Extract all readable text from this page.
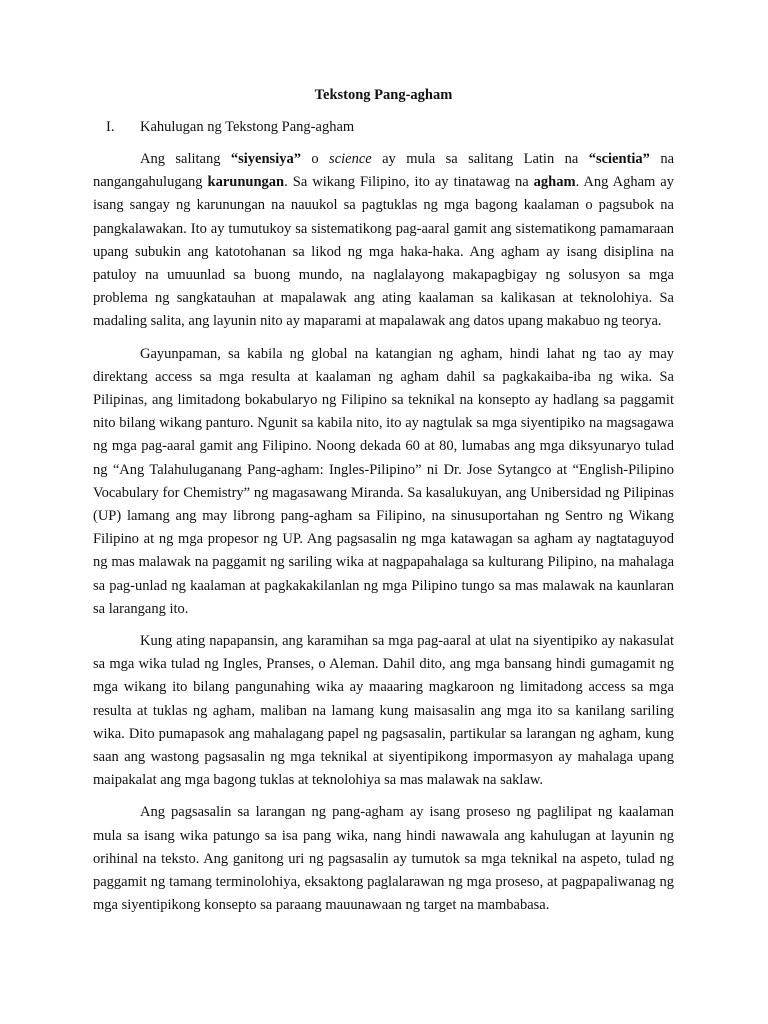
Tekstong Pang-agham
I.	Kahulugan ng Tekstong Pang-agham

Ang salitang “siyensiya” o science ay mula sa salitang Latin na “scientia” na nangangahulugang karunungan. Sa wikang Filipino, ito ay tinatawag na agham. Ang Agham ay isang sangay ng karunungan na nauukol sa pagtuklas ng mga bagong kaalaman o pagsubok na pangkalawakan. Ito ay tumutukoy sa sistematikong pag-aaral gamit ang sistematikong pamamaraan upang subukin ang katotohanan sa likod ng mga haka-haka. Ang agham ay isang disiplina na patuloy na umuunlad sa buong mundo, na naglalayong makapagbigay ng solusyon sa mga problema ng sangkatauhan at mapalawak ang ating kaalaman sa kalikasan at teknolohiya. Sa madaling salita, ang layunin nito ay maparami at mapalawak ang datos upang makabuo ng teorya.

Gayunpaman, sa kabila ng global na katangian ng agham, hindi lahat ng tao ay may direktang access sa mga resulta at kaalaman ng agham dahil sa pagkakaiba-iba ng wika. Sa Pilipinas, ang limitadong bokabularyo ng Filipino sa teknikal na konsepto ay hadlang sa paggamit nito bilang wikang panturo. Ngunit sa kabila nito, ito ay nagtulak sa mga siyentipiko na magsagawa ng mga pag-aaral gamit ang Filipino. Noong dekada 60 at 80, lumabas ang mga diksyunaryo tulad ng “Ang Talahuluganang Pang-agham: Ingles-Pilipino” ni Dr. Jose Sytangco at “English-Pilipino Vocabulary for Chemistry” ng magasawang Miranda. Sa kasalukuyan, ang Unibersidad ng Pilipinas (UP) lamang ang may librong pang-agham sa Filipino, na sinusuportahan ng Sentro ng Wikang Filipino at ng mga propesor ng UP. Ang pagsasalin ng mga katawagan sa agham ay nagtataguyod ng mas malawak na paggamit ng sariling wika at nagpapahalaga sa kulturang Pilipino, na mahalaga sa pag-unlad ng kaalaman at pagkakakilanlan ng mga Pilipino tungo sa mas malawak na kaunlaran sa larangang ito.

Kung ating napapansin, ang karamihan sa mga pag-aaral at ulat na siyentipiko ay nakasulat sa mga wika tulad ng Ingles, Pranses, o Aleman. Dahil dito, ang mga bansang hindi gumagamit ng mga wikang ito bilang pangunahing wika ay maaaring magkaroon ng limitadong access sa mga resulta at tuklas ng agham, maliban na lamang kung maisasalin ang mga ito sa kanilang sariling wika. Dito pumapasok ang mahalagang papel ng pagsasalin, partikular sa larangan ng agham, kung saan ang wastong pagsasalin ng mga teknikal at siyentipikong impormasyon ay mahalaga upang maipakalat ang mga bagong tuklas at teknolohiya sa mas malawak na saklaw.

Ang pagsasalin sa larangan ng pang-agham ay isang proseso ng paglilipat ng kaalaman mula sa isang wika patungo sa isa pang wika, nang hindi nawawala ang kahulugan at layunin ng orihinal na teksto. Ang ganitong uri ng pagsasalin ay tumutok sa mga teknikal na aspeto, tulad ng paggamit ng tamang terminolohiya, eksaktong paglalarawan ng mga proseso, at pagpapaliwanag ng mga siyentipikong konsepto sa paraang mauunawaan ng target na mambabasa.
